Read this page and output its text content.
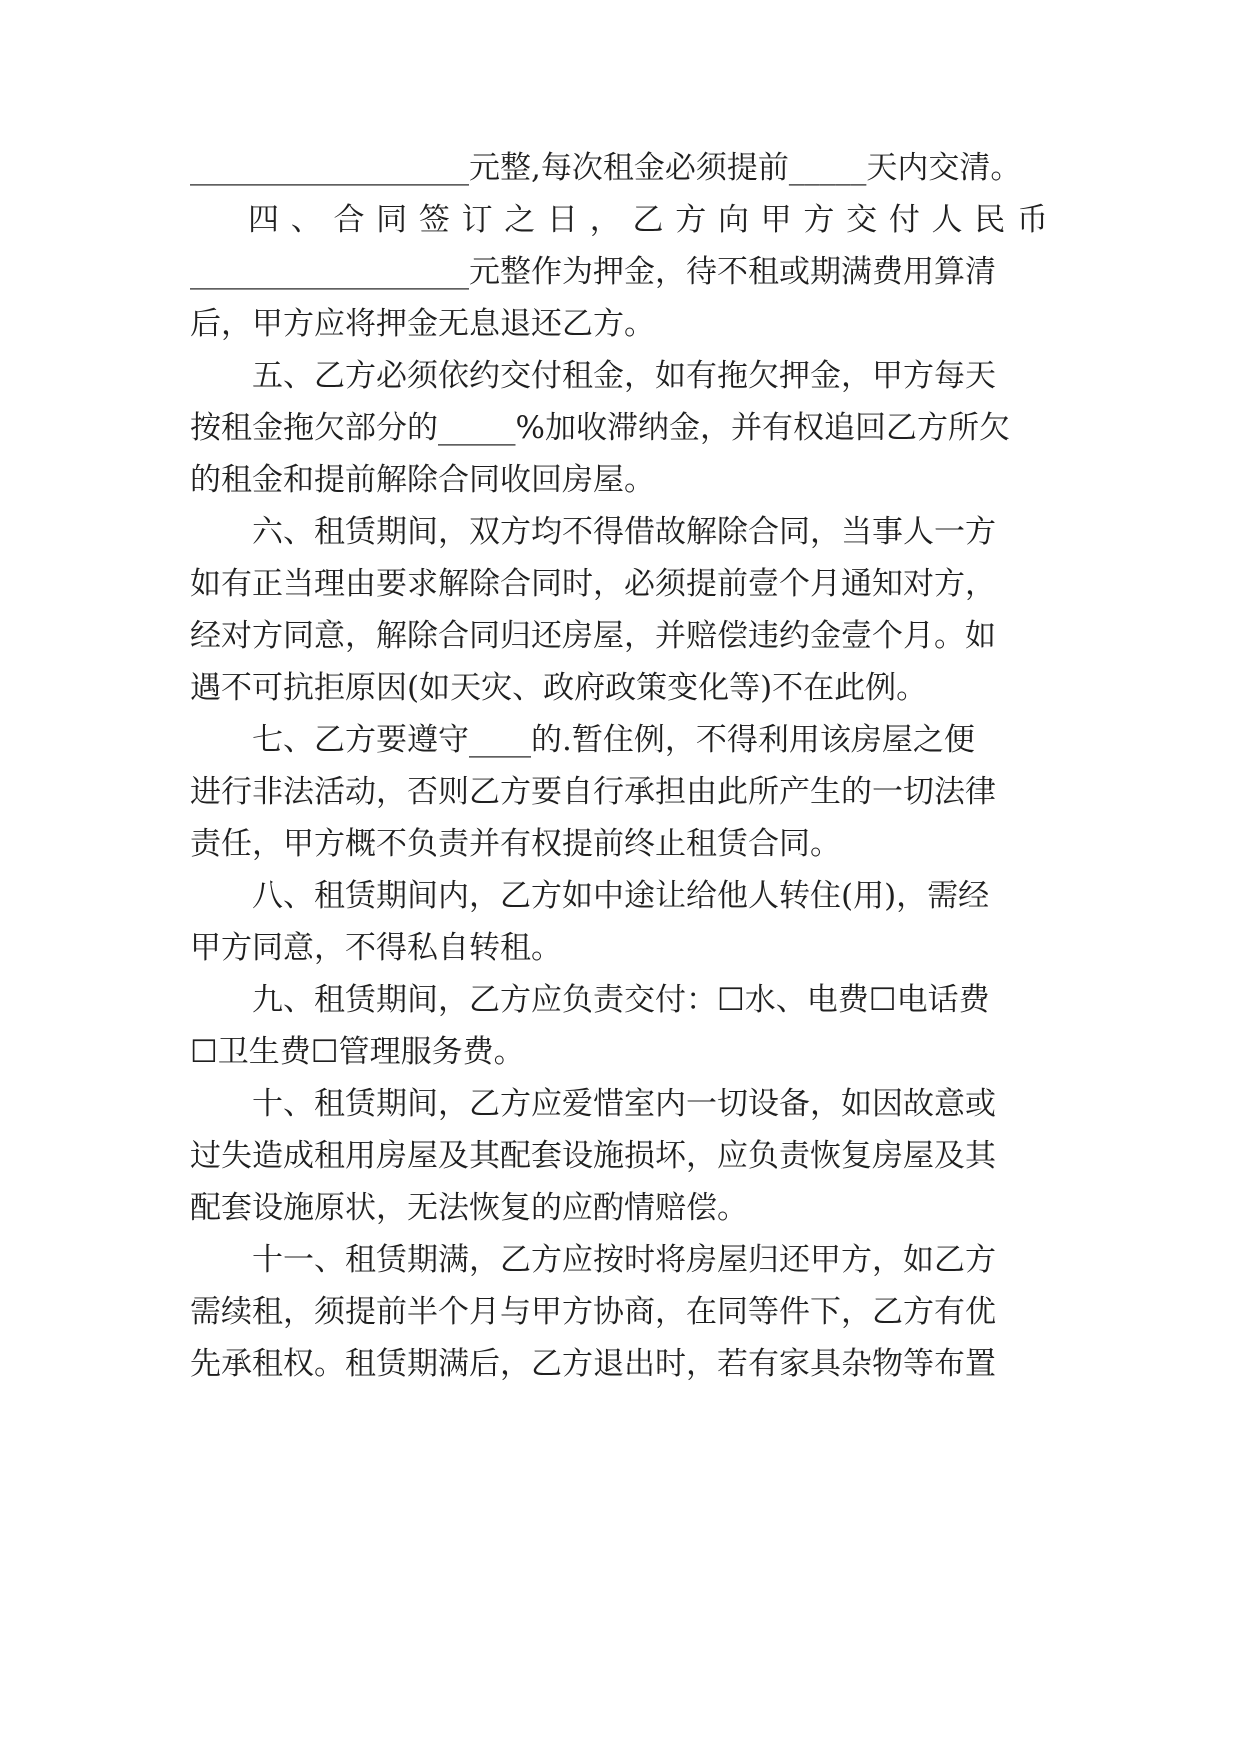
__________________元整,每次租金必须提前_____天内交清。
四 、 合 同 签 订 之 日 ， 乙 方 向 甲 方 交 付 人 民 币
__________________元整作为押金，待不租或期满费用算清
后，甲方应将押金无息退还乙方。
五、乙方必须依约交付租金，如有拖欠押金，甲方每天
按租金拖欠部分的_____%加收滞纳金，并有权追回乙方所欠
的租金和提前解除合同收回房屋。
六、租赁期间，双方均不得借故解除合同，当事人一方
如有正当理由要求解除合同时，必须提前壹个月通知对方，
经对方同意，解除合同归还房屋，并赔偿违约金壹个月。如
遇不可抗拒原因(如天灾、政府政策变化等)不在此例。
七、乙方要遵守____的.暂住例，不得利用该房屋之便
进行非法活动，否则乙方要自行承担由此所产生的一切法律
责任，甲方概不负责并有权提前终止租赁合同。
八、租赁期间内，乙方如中途让给他人转住(用)，需经
甲方同意，不得私自转租。
九、租赁期间，乙方应负责交付：☐水、电费☐电话费
☐卫生费☐管理服务费。
十、租赁期间，乙方应爱惜室内一切设备，如因故意或
过失造成租用房屋及其配套设施损坏，应负责恢复房屋及其
配套设施原状，无法恢复的应酌情赔偿。
十一、租赁期满，乙方应按时将房屋归还甲方，如乙方
需续租，须提前半个月与甲方协商，在同等件下，乙方有优
先承租权。租赁期满后，乙方退出时，若有家具杂物等布置
